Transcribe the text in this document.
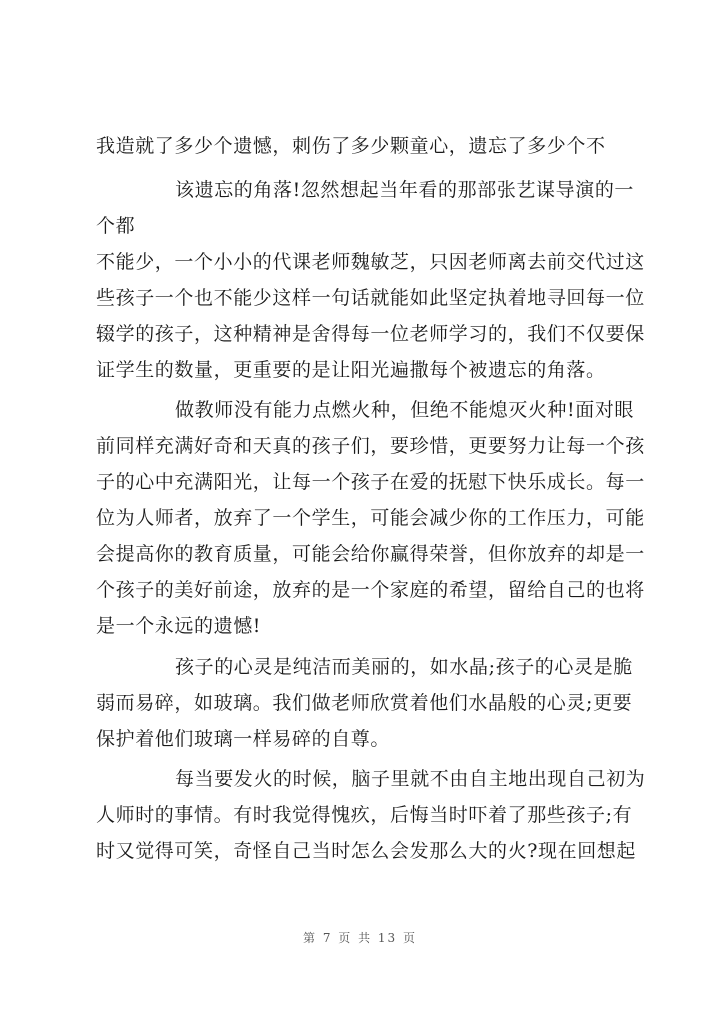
我造就了多少个遗憾，刺伤了多少颗童心，遗忘了多少个不
该遗忘的角落!忽然想起当年看的那部张艺谋导演的一
个都
不能少，一个小小的代课老师魏敏芝，只因老师离去前交代过这
些孩子一个也不能少这样一句话就能如此坚定执着地寻回每一位
辍学的孩子，这种精神是舍得每一位老师学习的，我们不仅要保
证学生的数量，更重要的是让阳光遍撒每个被遗忘的角落。
做教师没有能力点燃火种，但绝不能熄灭火种!面对眼
前同样充满好奇和天真的孩子们，要珍惜，更要努力让每一个孩
子的心中充满阳光，让每一个孩子在爱的抚慰下快乐成长。每一
位为人师者，放弃了一个学生，可能会减少你的工作压力，可能
会提高你的教育质量，可能会给你赢得荣誉，但你放弃的却是一
个孩子的美好前途，放弃的是一个家庭的希望，留给自己的也将
是一个永远的遗憾!
孩子的心灵是纯洁而美丽的，如水晶;孩子的心灵是脆
弱而易碎，如玻璃。我们做老师欣赏着他们水晶般的心灵;更要
保护着他们玻璃一样易碎的自尊。
每当要发火的时候，脑子里就不由自主地出现自己初为
人师时的事情。有时我觉得愧疚，后悔当时吓着了那些孩子;有
时又觉得可笑，奇怪自己当时怎么会发那么大的火?现在回想起
第 7 页 共 13 页
